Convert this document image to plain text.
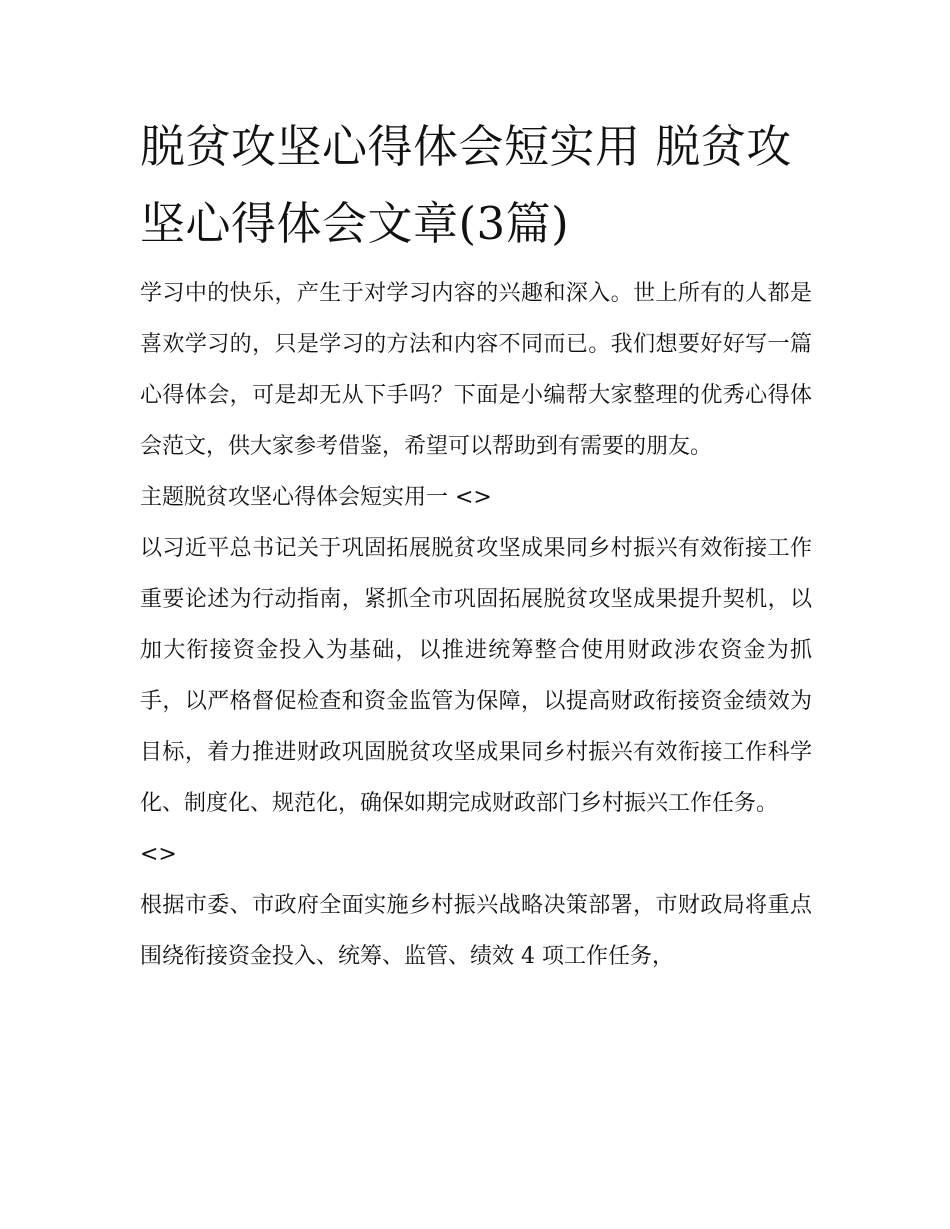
脱贫攻坚心得体会短实用 脱贫攻坚心得体会文章(3篇)

学习中的快乐，产生于对学习内容的兴趣和深入。世上所有的人都是喜欢学习的，只是学习的方法和内容不同而已。我们想要好好写一篇心得体会，可是却无从下手吗？下面是小编帮大家整理的优秀心得体会范文，供大家参考借鉴，希望可以帮助到有需要的朋友。

主题脱贫攻坚心得体会短实用一 <>

以习近平总书记关于巩固拓展脱贫攻坚成果同乡村振兴有效衔接工作重要论述为行动指南，紧抓全市巩固拓展脱贫攻坚成果提升契机，以加大衔接资金投入为基础，以推进统筹整合使用财政涉农资金为抓手，以严格督促检查和资金监管为保障，以提高财政衔接资金绩效为目标，着力推进财政巩固脱贫攻坚成果同乡村振兴有效衔接工作科学化、制度化、规范化，确保如期完成财政部门乡村振兴工作任务。

<>

根据市委、市政府全面实施乡村振兴战略决策部署，市财政局将重点围绕衔接资金投入、统筹、监管、绩效 4 项工作任务，
